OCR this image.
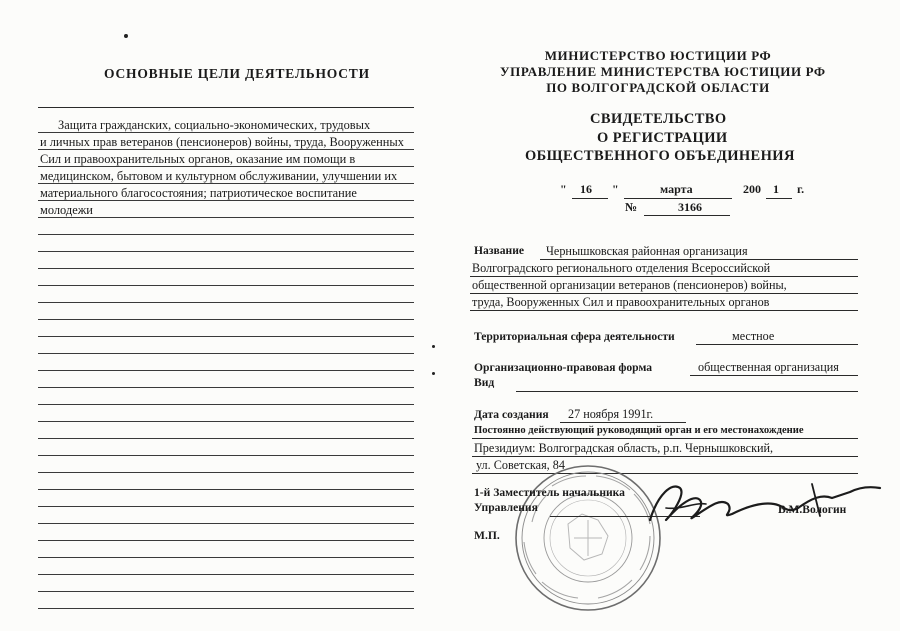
ОСНОВНЫЕ ЦЕЛИ ДЕЯТЕЛЬНОСТИ
Защита гражданских, социально-экономических, трудовых
и личных прав ветеранов (пенсионеров) войны, труда, Вооруженных
Сил и правоохранительных органов, оказание им помощи в
медицинском, бытовом и культурном обслуживании, улучшении их
материального благосостояния; патриотическое воспитание
молодежи
МИНИСТЕРСТВО ЮСТИЦИИ РФ
УПРАВЛЕНИЕ МИНИСТЕРСТВА ЮСТИЦИИ РФ
ПО ВОЛГОГРАДСКОЙ ОБЛАСТИ
СВИДЕТЕЛЬСТВО
О РЕГИСТРАЦИИ
ОБЩЕСТВЕННОГО ОБЪЕДИНЕНИЯ
" 16 "	марта	200 1 г.
№	3166
Название Чернышковская районная организация
Волгоградского регионального отделения Всероссийской
общественной организации ветеранов (пенсионеров) войны,
труда, Вооруженных Сил и правоохранительных органов
Территориальная сфера деятельности	местное
Организационно-правовая форма	общественная организация
Вид
Дата создания 27 ноября 1991г.
Постоянно действующий руководящий орган и его местонахождение
Президиум: Волгоградская область, р.п. Чернышковский,
ул. Советская, 84
1-й Заместитель начальника
Управления	В.М.Вологин
М.П.
